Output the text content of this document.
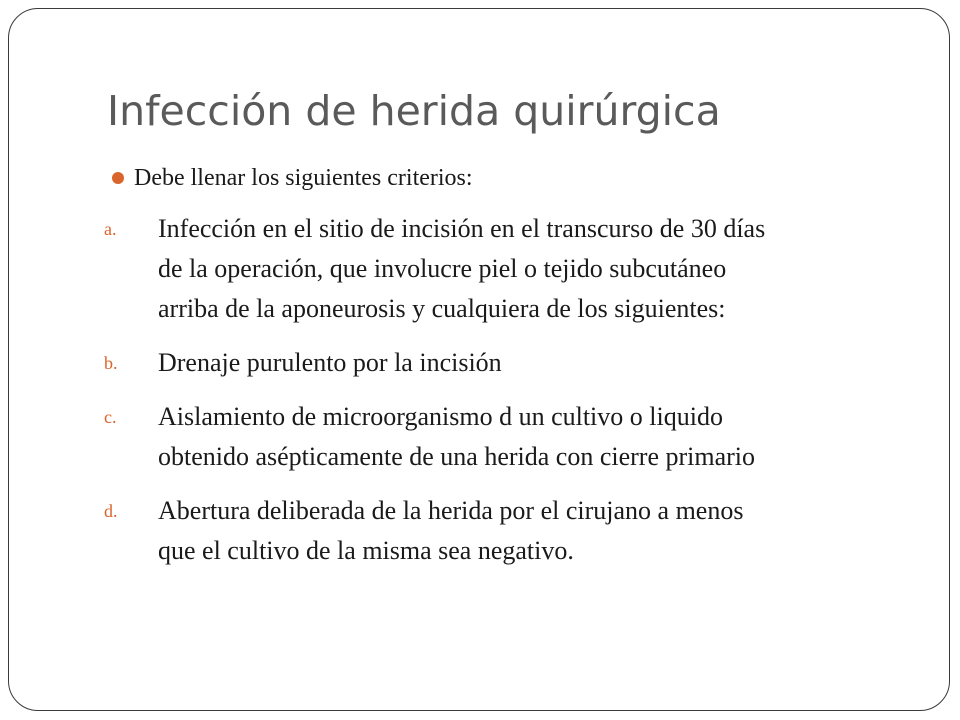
Infección de herida quirúrgica
Debe llenar los siguientes criterios:
a.	Infección en el sitio de incisión en el transcurso de 30 días
de la operación, que involucre piel o tejido subcutáneo
arriba de la aponeurosis y cualquiera de los siguientes:
b.	Drenaje purulento por la incisión
c.	Aislamiento de microorganismo d un cultivo o liquido
obtenido asépticamente de una herida con cierre primario
d.	Abertura deliberada de la herida por el cirujano a menos
que el cultivo de la misma sea negativo.
